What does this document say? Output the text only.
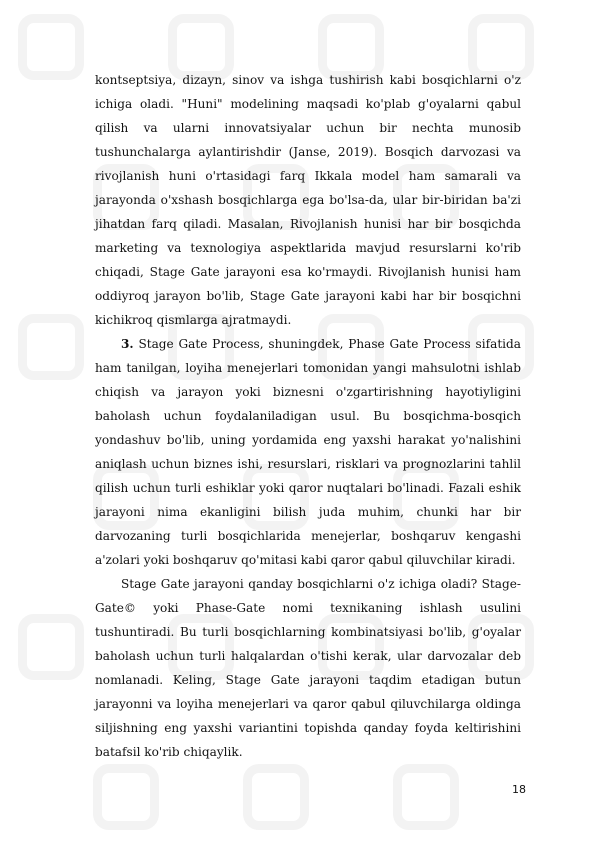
kontseptsiya, dizayn, sinov va ishga tushirish kabi bosqichlarni o'z ichiga oladi. "Huni" modelining maqsadi ko'plab g'oyalarni qabul qilish va ularni innovatsiyalar uchun bir nechta munosib tushunchalarga aylantirishdir (Janse, 2019). Bosqich darvozasi va rivojlanish huni o'rtasidagi farq Ikkala model ham samarali va jarayonda o'xshash bosqichlarga ega bo'lsa-da, ular bir-biridan ba'zi jihatdan farq qiladi. Masalan, Rivojlanish hunisi har bir bosqichda marketing va texnologiya aspektlarida mavjud resurslarni ko'rib chiqadi, Stage Gate jarayoni esa ko'rmaydi. Rivojlanish hunisi ham oddiyroq jarayon bo'lib, Stage Gate jarayoni kabi har bir bosqichni kichikroq qismlarga ajratmaydi.

3. Stage Gate Process, shuningdek, Phase Gate Process sifatida ham tanilgan, loyiha menejerlari tomonidan yangi mahsulotni ishlab chiqish va jarayon yoki biznesni o'zgartirishning hayotiyligini baholash uchun foydalaniladigan usul. Bu bosqichma-bosqich yondashuv bo'lib, uning yordamida eng yaxshi harakat yo'nalishini aniqlash uchun biznes ishi, resurslari, risklari va prognozlarini tahlil qilish uchun turli eshiklar yoki qaror nuqtalari bo'linadi. Fazali eshik jarayoni nima ekanligini bilish juda muhim, chunki har bir darvozaning turli bosqichlarida menejerlar, boshqaruv kengashi a'zolari yoki boshqaruv qo'mitasi kabi qaror qabul qiluvchilar kiradi.

Stage Gate jarayoni qanday bosqichlarni o'z ichiga oladi? Stage-Gate© yoki Phase-Gate nomi texnikaning ishlash usulini tushuntiradi. Bu turli bosqichlarning kombinatsiyasi bo'lib, g'oyalar baholash uchun turli halqalardan o'tishi kerak, ular darvozalar deb nomlanadi. Keling, Stage Gate jarayoni taqdim etadigan butun jarayonni va loyiha menejerlari va qaror qabul qiluvchilarga oldinga siljishning eng yaxshi variantini topishda qanday foyda keltirishini batafsil ko'rib chiqaylik.

18
